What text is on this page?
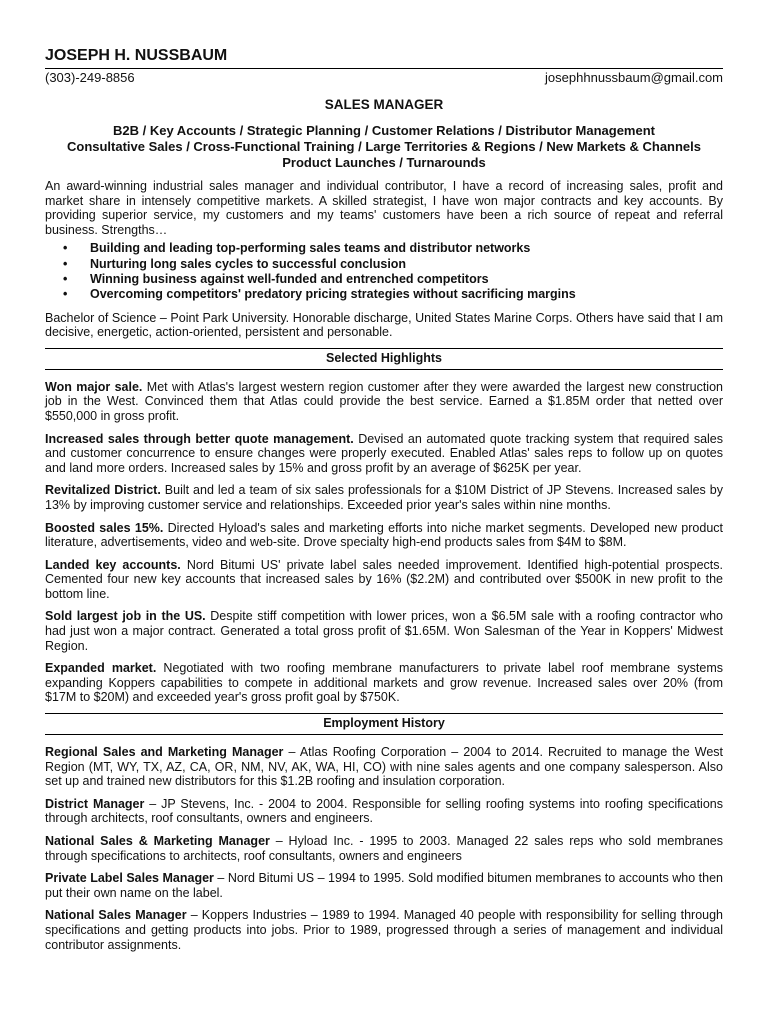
JOSEPH H. NUSSBAUM
(303)-249-8856	josephhnussbaum@gmail.com
SALES MANAGER
B2B / Key Accounts / Strategic Planning / Customer Relations / Distributor Management
Consultative Sales / Cross-Functional Training / Large Territories & Regions / New Markets & Channels
Product Launches / Turnarounds

An award-winning industrial sales manager and individual contributor, I have a record of increasing sales, profit and market share in intensely competitive markets. A skilled strategist, I have won major contracts and key accounts. By providing superior service, my customers and my teams' customers have been a rich source of repeat and referral business. Strengths…

• Building and leading top-performing sales teams and distributor networks
• Nurturing long sales cycles to successful conclusion
• Winning business against well-funded and entrenched competitors
• Overcoming competitors' predatory pricing strategies without sacrificing margins

Bachelor of Science – Point Park University. Honorable discharge, United States Marine Corps. Others have said that I am decisive, energetic, action-oriented, persistent and personable.

Selected Highlights

Won major sale. Met with Atlas's largest western region customer after they were awarded the largest new construction job in the West. Convinced them that Atlas could provide the best service. Earned a $1.85M order that netted over $550,000 in gross profit.

Increased sales through better quote management. Devised an automated quote tracking system that required sales and customer concurrence to ensure changes were properly executed. Enabled Atlas' sales reps to follow up on quotes and land more orders. Increased sales by 15% and gross profit by an average of $625K per year.

Revitalized District. Built and led a team of six sales professionals for a $10M District of JP Stevens. Increased sales by 13% by improving customer service and relationships. Exceeded prior year's sales within nine months.

Boosted sales 15%. Directed Hyload's sales and marketing efforts into niche market segments. Developed new product literature, advertisements, video and web-site. Drove specialty high-end products sales from $4M to $8M.

Landed key accounts. Nord Bitumi US' private label sales needed improvement. Identified high-potential prospects. Cemented four new key accounts that increased sales by 16% ($2.2M) and contributed over $500K in new profit to the bottom line.

Sold largest job in the US. Despite stiff competition with lower prices, won a $6.5M sale with a roofing contractor who had just won a major contract. Generated a total gross profit of $1.65M. Won Salesman of the Year in Koppers' Midwest Region.

Expanded market. Negotiated with two roofing membrane manufacturers to private label roof membrane systems expanding Koppers capabilities to compete in additional markets and grow revenue. Increased sales over 20% (from $17M to $20M) and exceeded year's gross profit goal by $750K.

Employment History

Regional Sales and Marketing Manager – Atlas Roofing Corporation – 2004 to 2014. Recruited to manage the West Region (MT, WY, TX, AZ, CA, OR, NM, NV, AK, WA, HI, CO) with nine sales agents and one company salesperson. Also set up and trained new distributors for this $1.2B roofing and insulation corporation.

District Manager – JP Stevens, Inc. - 2004 to 2004. Responsible for selling roofing systems into roofing specifications through architects, roof consultants, owners and engineers.

National Sales & Marketing Manager – Hyload Inc. - 1995 to 2003. Managed 22 sales reps who sold membranes through specifications to architects, roof consultants, owners and engineers

Private Label Sales Manager – Nord Bitumi US – 1994 to 1995. Sold modified bitumen membranes to accounts who then put their own name on the label.

National Sales Manager – Koppers Industries – 1989 to 1994. Managed 40 people with responsibility for selling through specifications and getting products into jobs. Prior to 1989, progressed through a series of management and individual contributor assignments.
